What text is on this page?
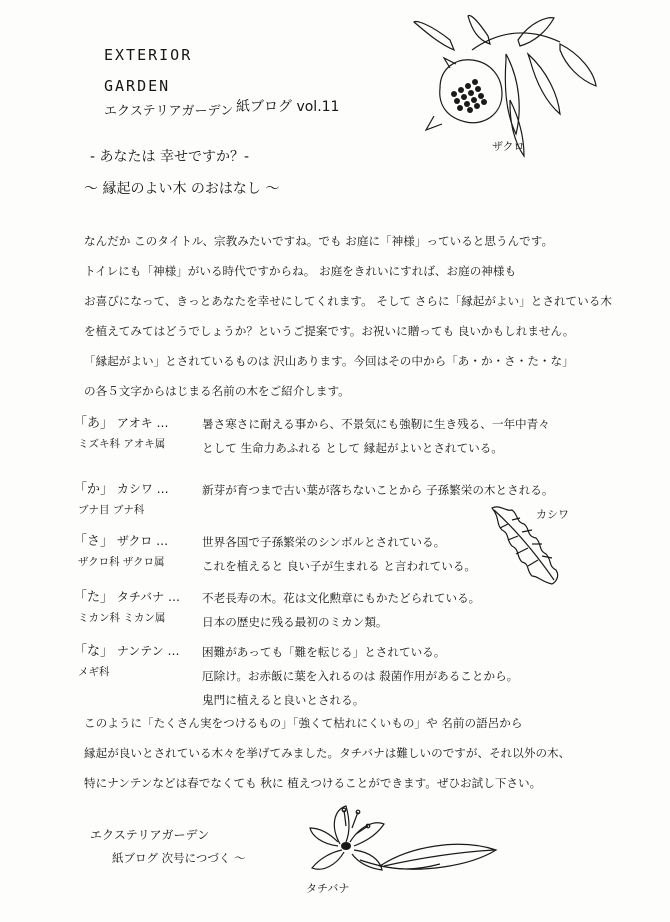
EXTERIOR
GARDEN
エクステリアガーデン 紙ブログ vol.11
ザクロ
- あなたは 幸せですか？-
〜 縁起のよい木 のおはなし 〜

なんだか このタイトル、宗教みたいですね。でも お庭に「神様」っていると思うんです。

トイレにも「神様」がいる時代ですからね。 お庭をきれいにすれば、お庭の神様も

お喜びになって、きっとあなたを幸せにしてくれます。 そして さらに「縁起がよい」とされている木

を植えてみてはどうでしょうか？というご提案です。お祝いに贈っても 良いかもしれません。

「縁起がよい」とされているものは 沢山あります。今回はその中から「あ・か・さ・た・な」

の各５文字からはじまる名前の木をご紹介します。

「あ」 アオキ …
ミズキ科 アオキ属

暑さ寒さに耐える事から、不景気にも強靭に生き残る、一年中青々

として 生命力あふれる として 縁起がよいとされている。

「か」 カシワ …
ブナ目 ブナ科

新芽が育つまで古い葉が落ちないことから 子孫繁栄の木とされる。

「さ」 ザクロ …
ザクロ科 ザクロ属

世界各国で子孫繁栄のシンボルとされている。

これを植えると 良い子が生まれる と言われている。

「た」 タチバナ …
ミカン科 ミカン属

不老長寿の木。花は文化勲章にもかたどられている。

日本の歴史に残る最初のミカン類。

「な」 ナンテン …
メギ科

困難があっても「難を転じる」とされている。

厄除け。お赤飯に葉を入れるのは 殺菌作用があることから。

鬼門に植えると良いとされる。

カシワ

このように「たくさん実をつけるもの」「強くて枯れにくいもの」や 名前の語呂から

縁起が良いとされている木々を挙げてみました。タチバナは難しいのですが、それ以外の木、

特にナンテンなどは春でなくても 秋に 植えつけることができます。ぜひお試し下さい。

エクステリアガーデン
紙ブログ 次号につづく 〜
タチバナ
